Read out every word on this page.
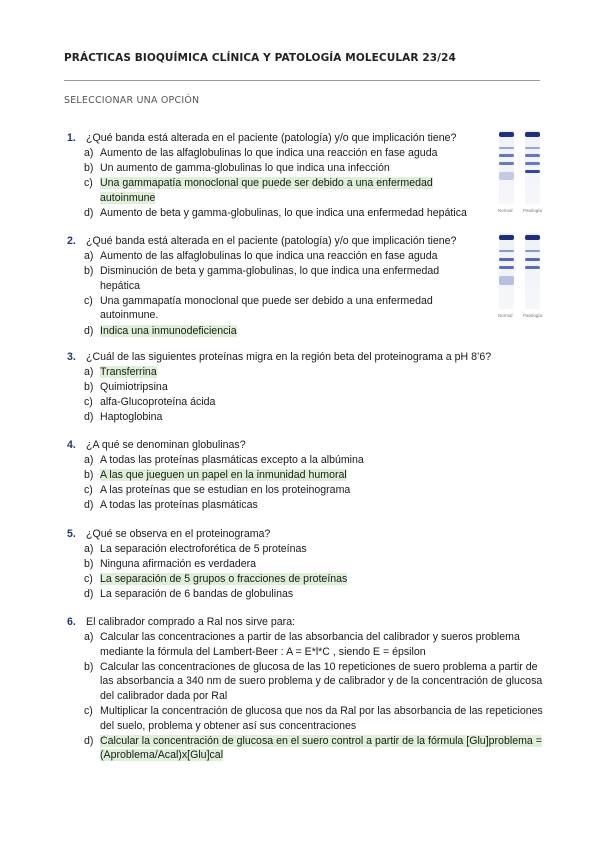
PRÁCTICAS BIOQUÍMICA CLÍNICA Y PATOLOGÍA MOLECULAR 23/24
SELECCIONAR UNA OPCIÓN
1. ¿Qué banda está alterada en el paciente (patología) y/o que implicación tiene?
a) Aumento de las alfaglobulinas lo que indica una reacción en fase aguda
b) Un aumento de gamma-globulinas lo que indica una infección
c) Una gammapatía monoclonal que puede ser debido a una enfermedad autoinmune
d) Aumento de beta y gamma-globulinas, lo que indica una enfermedad hepática	Normal Patología
2. ¿Qué banda está alterada en el paciente (patología) y/o que implicación tiene?
a) Aumento de las alfaglobulinas lo que indica una reacción en fase aguda
b) Disminución de beta y gamma-globulinas, lo que indica una enfermedad hepática
c) Una gammapatía monoclonal que puede ser debido a una enfermedad autoinmune.
d) Indica una inmunodeficiencia
Normal Patología
3. ¿Cuál de las siguientes proteínas migra en la región beta del proteinograma a pH 8’6?
a) Transferrina
b) Quimiotripsina
c) alfa-Glucoproteína ácida
d) Haptoglobina
4. ¿A qué se denominan globulinas?
a) A todas las proteínas plasmáticas excepto a la albúmina
b) A las que jueguen un papel en la inmunidad humoral
c) A las proteínas que se estudian en los proteinograma
d) A todas las proteínas plasmáticas
5. ¿Qué se observa en el proteinograma?
a) La separación electroforética de 5 proteínas
b) Ninguna afirmación es verdadera
c) La separación de 5 grupos o fracciones de proteínas
d) La separación de 6 bandas de globulinas
6. El calibrador comprado a Ral nos sirve para:
a) Calcular las concentraciones a partir de las absorbancia del calibrador y sueros problema mediante la fórmula del Lambert-Beer : A = E*l*C , siendo E = épsilon
b) Calcular las concentraciones de glucosa de las 10 repeticiones de suero problema a partir de las absorbancia a 340 nm de suero problema y de calibrador y de la concentración de glucosa del calibrador dada por Ral
c) Multiplicar la concentración de glucosa que nos da Ral por las absorbancia de las repeticiones del suelo, problema y obtener así sus concentraciones
d) Calcular la concentración de glucosa en el suero control a partir de la fórmula [Glu]problema = (Aproblema/Acal)x[Glu]cal
